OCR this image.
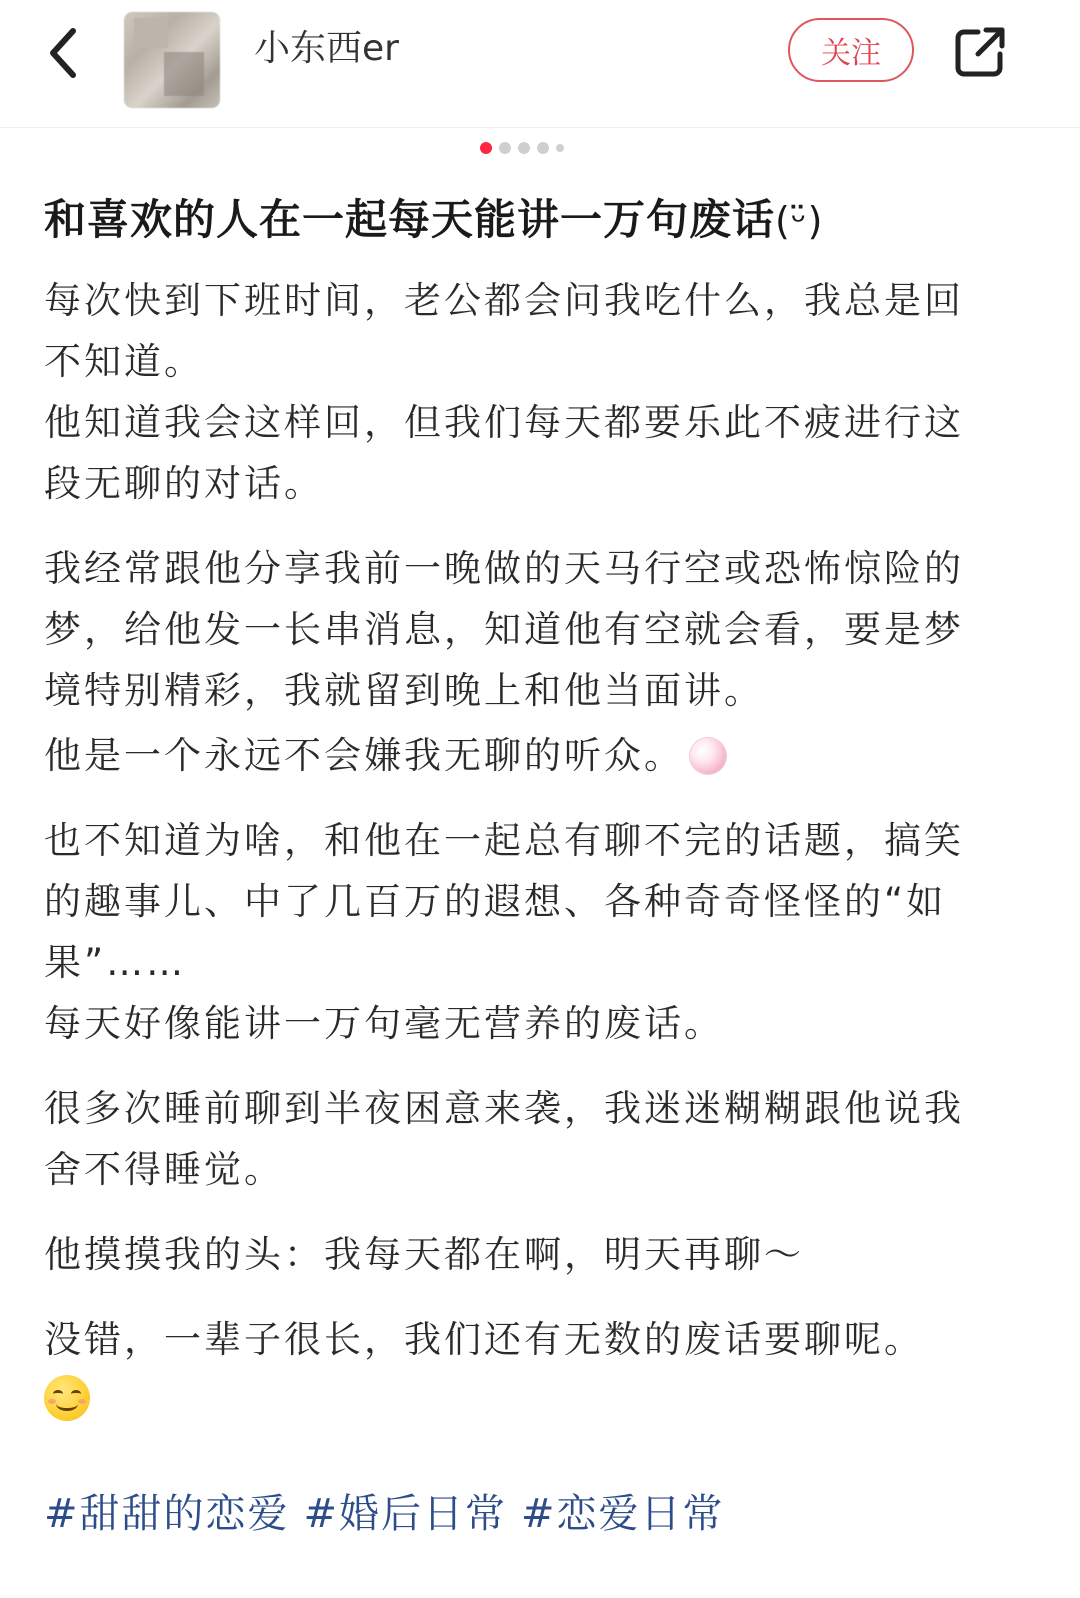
小东西er	关注
和喜欢的人在一起每天能讲一万句废话(ᵕ̈)

每次快到下班时间，老公都会问我吃什么，我总是回不知道。

他知道我会这样回，但我们每天都要乐此不疲进行这段无聊的对话。

我经常跟他分享我前一晚做的天马行空或恐怖惊险的梦，给他发一长串消息，知道他有空就会看，要是梦境特别精彩，我就留到晚上和他当面讲。

他是一个永远不会嫌我无聊的听众。

也不知道为啥，和他在一起总有聊不完的话题，搞笑的趣事儿、中了几百万的遐想、各种奇奇怪怪的“如果”……

每天好像能讲一万句毫无营养的废话。

很多次睡前聊到半夜困意来袭，我迷迷糊糊跟他说我舍不得睡觉。

他摸摸我的头：我每天都在啊，明天再聊～

没错，一辈子很长，我们还有无数的废话要聊呢。

#甜甜的恋爱 #婚后日常 #恋爱日常
